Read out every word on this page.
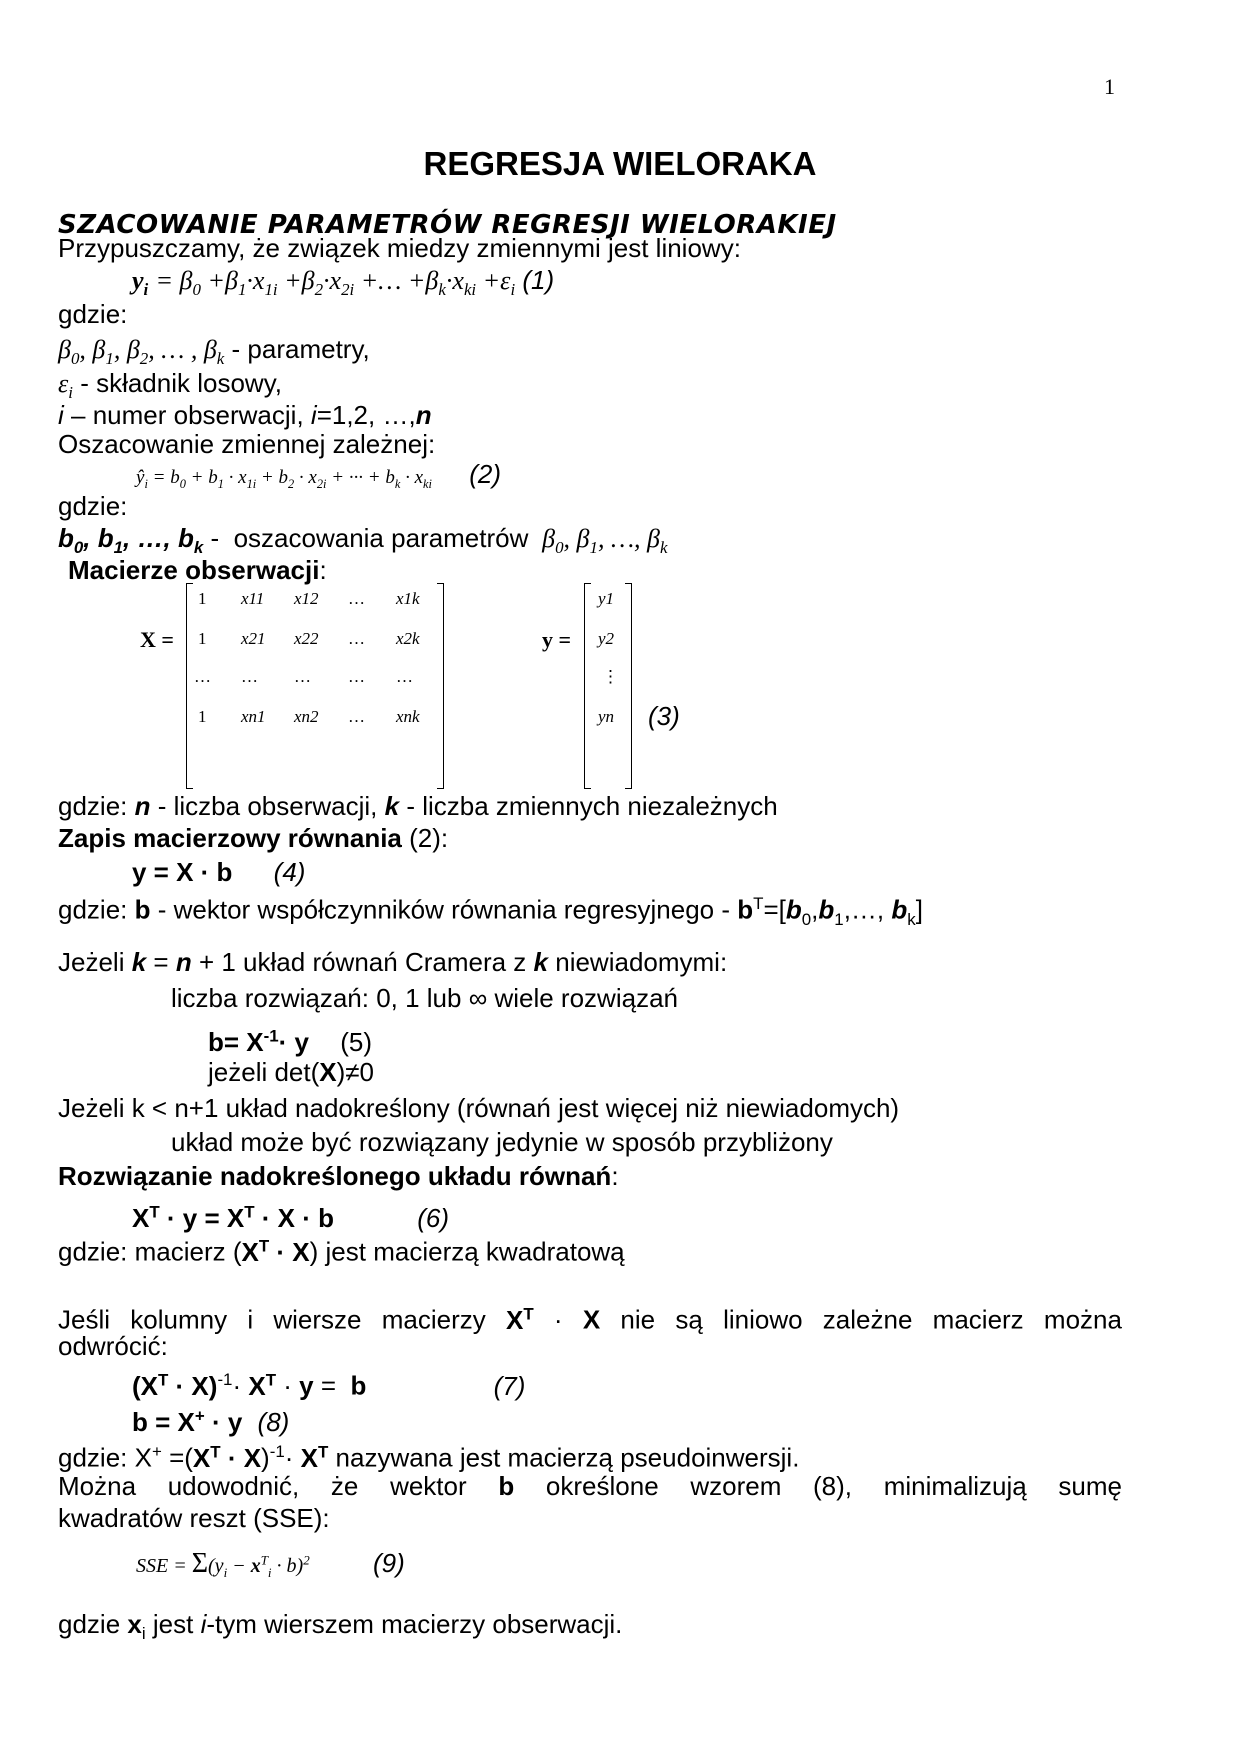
1
REGRESJA WIELORAKA
SZACOWANIE PARAMETRÓW REGRESJI WIELORAKIEJ
Przypuszczamy, że związek miedzy zmiennymi jest liniowy:
$y_i = \beta_0 +\beta_1\cdot x_{1i} +\beta_2\cdot x_{2i}$ +… $+\beta_k\cdot x_{ki} +\varepsilon_i$ (1)
gdzie:
$\beta_0$, $\beta_1$, $\beta_2$, … , $\beta_k$ - parametry,
$\varepsilon_i$ - składnik losowy,
i – numer obserwacji, i=1,2, …,n
Oszacowanie zmiennej zależnej:
$ŷ_i = b_0 + b_1 \cdot x_{1i} + b_2 \cdot x_{2i}$ + ··· + $b_k \cdot x_{ki}$ (2)
gdzie:
$b_0$, $b_1$, …, $b_k$ -  oszacowania parametrów  $\beta_0$, $\beta_1$, …, $\beta_k$
Macierze obserwacji:
X =
1 x11 x12 … x1k
1 x21 x22 … x2k
… … … … …
1 xn1 xn2 … xnk
y =
y1
y2
⋮
yn (3)
gdzie: n - liczba obserwacji, k - liczba zmiennych niezależnych
Zapis macierzowy równania (2):
y = X · b (4)
gdzie: b - wektor współczynników równania regresyjnego - $b^T=[b_0,b_1,\dots$, $b_k$]
Jeżeli k = n + 1 układ równań Cramera z k niewiadomymi:
liczba rozwiązań: 0, 1 lub ∞ wiele rozwiązań
$b= X^{-1}\cdot y$ (5)
jeżeli det(X)≠0
Jeżeli k < n+1 układ nadokreślony (równań jest więcej niż niewiadomych)
układ może być rozwiązany jedynie w sposób przybliżony
Rozwiązanie nadokreślonego układu równań:
$X^T \cdot y = X^T \cdot X \cdot b$	(6)
gdzie: macierz $(X^T \cdot X)$ jest macierzą kwadratową
Jeśli kolumny i wiersze macierzy $X^T \cdot X$ nie są liniowo zależne macierz można
odwrócić:
$(X^T \cdot X)^{-1}\cdot X^T \cdot y = b$	(7)
b = X+ · y (8)
gdzie: $X^+ =(X^T \cdot X)^{-1}\cdot X^T$ nazywana jest macierzą pseudoinwersji.
Można udowodnić, że wektor b określone wzorem (8), minimalizują sumę
kwadratów reszt (SSE):
SSE = $\Sigma(y_i - x^T_i \cdot b)^2$ (9)
gdzie $x_i$ jest i-tym wierszem macierzy obserwacji.
